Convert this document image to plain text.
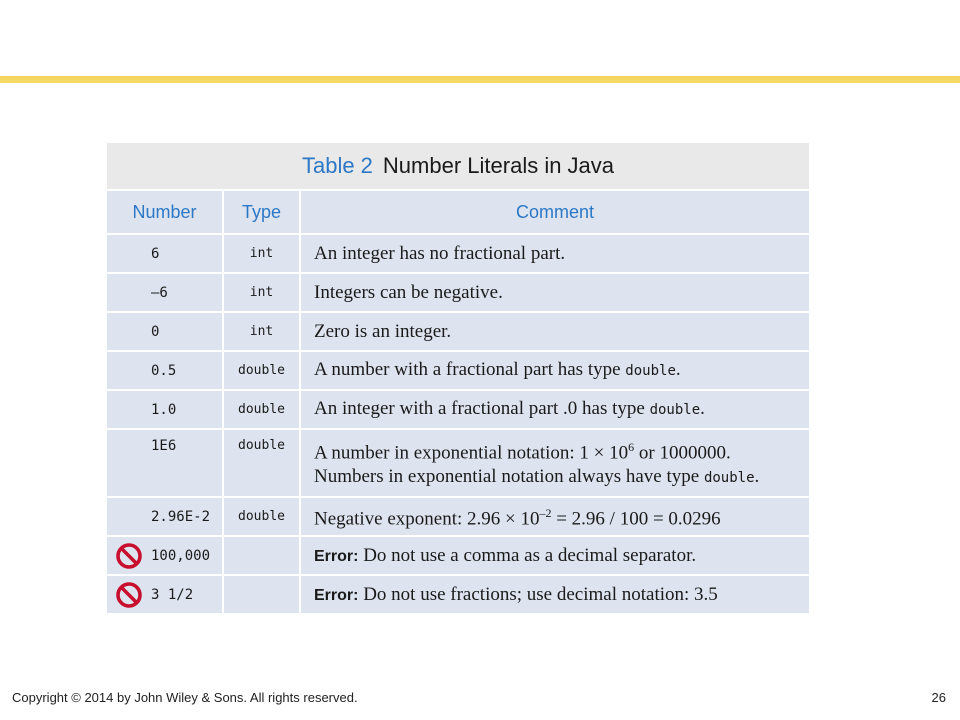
Table 2 Number Literals in Java		
Number	Type	Comment
6	int	An integer has no fractional part.
–6	int	Integers can be negative.
0	int	Zero is an integer.
0.5	double	A number with a fractional part has type double.
1.0	double	An integer with a fractional part .0 has type double.
1E6	double	A number in exponential notation: $1 \times 10^6$ or 1000000.
Numbers in exponential notation always have type double.

2.96E-2	double	Negative exponent: $2.96 \times 10^{-2} = 2.96 / 100 = 0.0296$
100,000		Error: Do not use a comma as a decimal separator.
3 1/2		Error: Do not use fractions; use decimal notation: 3.5
Copyright © 2014 by John Wiley & Sons. All rights reserved.	26
